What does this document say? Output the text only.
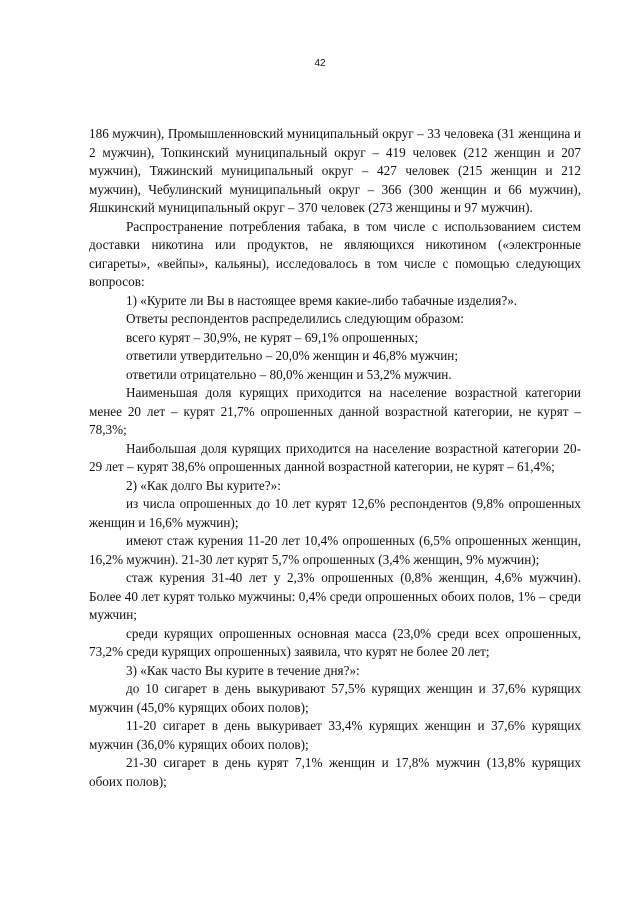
42

186 мужчин), Промышленновский муниципальный округ – 33 человека (31 женщина и 2 мужчин), Топкинский муниципальный округ – 419 человек (212 женщин и 207 мужчин), Тяжинский муниципальный округ – 427 человек (215 женщин и 212 мужчин), Чебулинский муниципальный округ – 366 (300 женщин и 66 мужчин), Яшкинский муниципальный округ – 370 человек (273 женщины и 97 мужчин).

Распространение потребления табака, в том числе с использованием систем доставки никотина или продуктов, не являющихся никотином («электронные сигареты», «вейпы», кальяны), исследовалось в том числе с помощью следующих вопросов:

1) «Курите ли Вы в настоящее время какие-либо табачные изделия?».

Ответы респондентов распределились следующим образом:

всего курят – 30,9%, не курят – 69,1% опрошенных;

ответили утвердительно – 20,0% женщин и 46,8% мужчин;

ответили отрицательно – 80,0% женщин и 53,2% мужчин.

Наименьшая доля курящих приходится на население возрастной категории менее 20 лет – курят 21,7% опрошенных данной возрастной категории, не курят – 78,3%;

Наибольшая доля курящих приходится на население возрастной категории 20-29 лет – курят 38,6% опрошенных данной возрастной категории, не курят – 61,4%;

2) «Как долго Вы курите?»:

из числа опрошенных до 10 лет курят 12,6% респондентов (9,8% опрошенных женщин и 16,6% мужчин);

имеют стаж курения 11-20 лет 10,4% опрошенных (6,5% опрошенных женщин, 16,2% мужчин). 21-30 лет курят 5,7% опрошенных (3,4% женщин, 9% мужчин);

стаж курения 31-40 лет у 2,3% опрошенных (0,8% женщин, 4,6% мужчин). Более 40 лет курят только мужчины: 0,4% среди опрошенных обоих полов, 1% – среди мужчин;

среди курящих опрошенных основная масса (23,0% среди всех опрошенных, 73,2% среди курящих опрошенных) заявила, что курят не более 20 лет;

3) «Как часто Вы курите в течение дня?»:

до 10 сигарет в день выкуривают 57,5% курящих женщин и 37,6% курящих мужчин (45,0% курящих обоих полов);

11-20 сигарет в день выкуривает 33,4% курящих женщин и 37,6% курящих мужчин (36,0% курящих обоих полов);

21-30 сигарет в день курят 7,1% женщин и 17,8% мужчин (13,8% курящих обоих полов);
